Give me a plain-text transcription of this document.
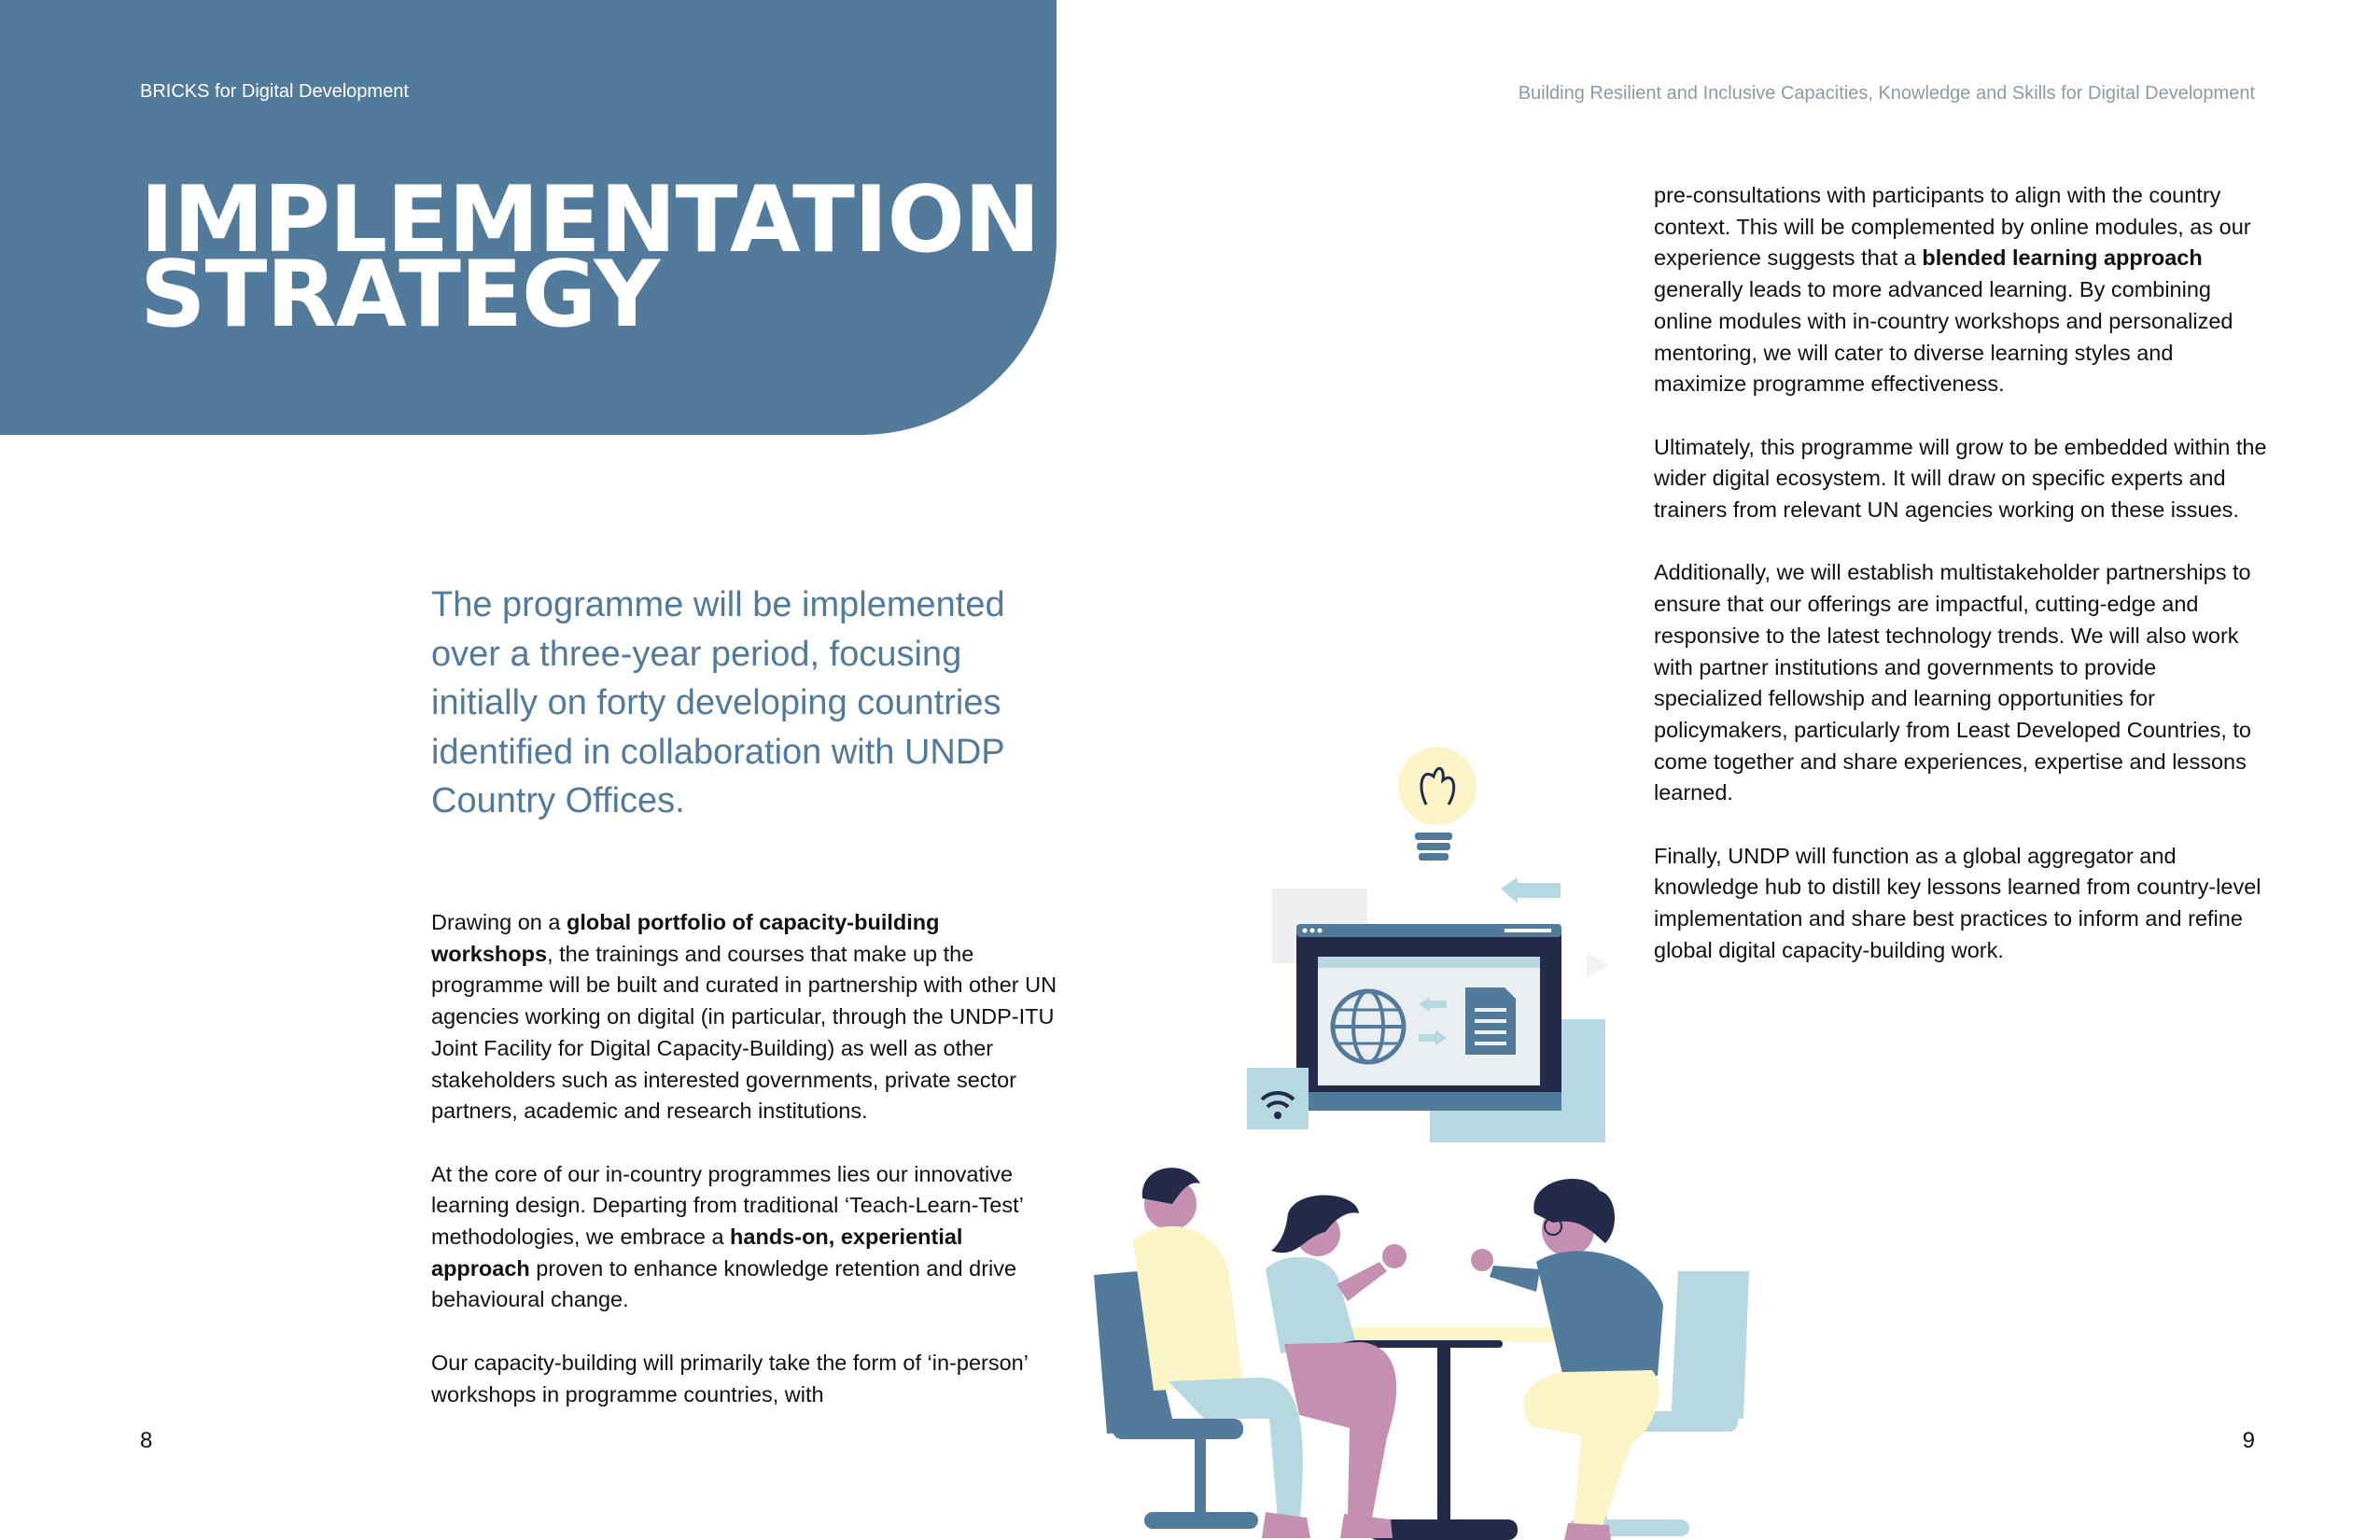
BRICKS for Digital Development	Building Resilient and Inclusive Capacities, Knowledge and Skills for Digital Development
IMPLEMENTATION
STRATEGY

The programme will be implemented over a three-year period, focusing initially on forty developing countries identified in collaboration with UNDP Country Offices.

Drawing on a global portfolio of capacity-building workshops, the trainings and courses that make up the programme will be built and curated in partnership with other UN agencies working on digital (in particular, through the UNDP-ITU Joint Facility for Digital Capacity-Building) as well as other stakeholders such as interested governments, private sector partners, academic and research institutions.

At the core of our in-country programmes lies our innovative learning design. Departing from traditional ‘Teach-Learn-Test’ methodologies, we embrace a hands-on, experiential approach proven to enhance knowledge retention and drive behavioural change.

Our capacity-building will primarily take the form of ‘in-person’ workshops in programme countries, with

pre-consultations with participants to align with the country context. This will be complemented by online modules, as our experience suggests that a blended learning approach generally leads to more advanced learning. By combining online modules with in-country workshops and personalized mentoring, we will cater to diverse learning styles and maximize programme effectiveness.

Ultimately, this programme will grow to be embedded within the wider digital ecosystem. It will draw on specific experts and trainers from relevant UN agencies working on these issues.

Additionally, we will establish multistakeholder partnerships to ensure that our offerings are impactful, cutting-edge and responsive to the latest technology trends. We will also work with partner institutions and governments to provide specialized fellowship and learning opportunities for policymakers, particularly from Least Developed Countries, to come together and share experiences, expertise and lessons learned.

Finally, UNDP will function as a global aggregator and knowledge hub to distill key lessons learned from country-level implementation and share best practices to inform and refine global digital capacity-building work.

8	9
